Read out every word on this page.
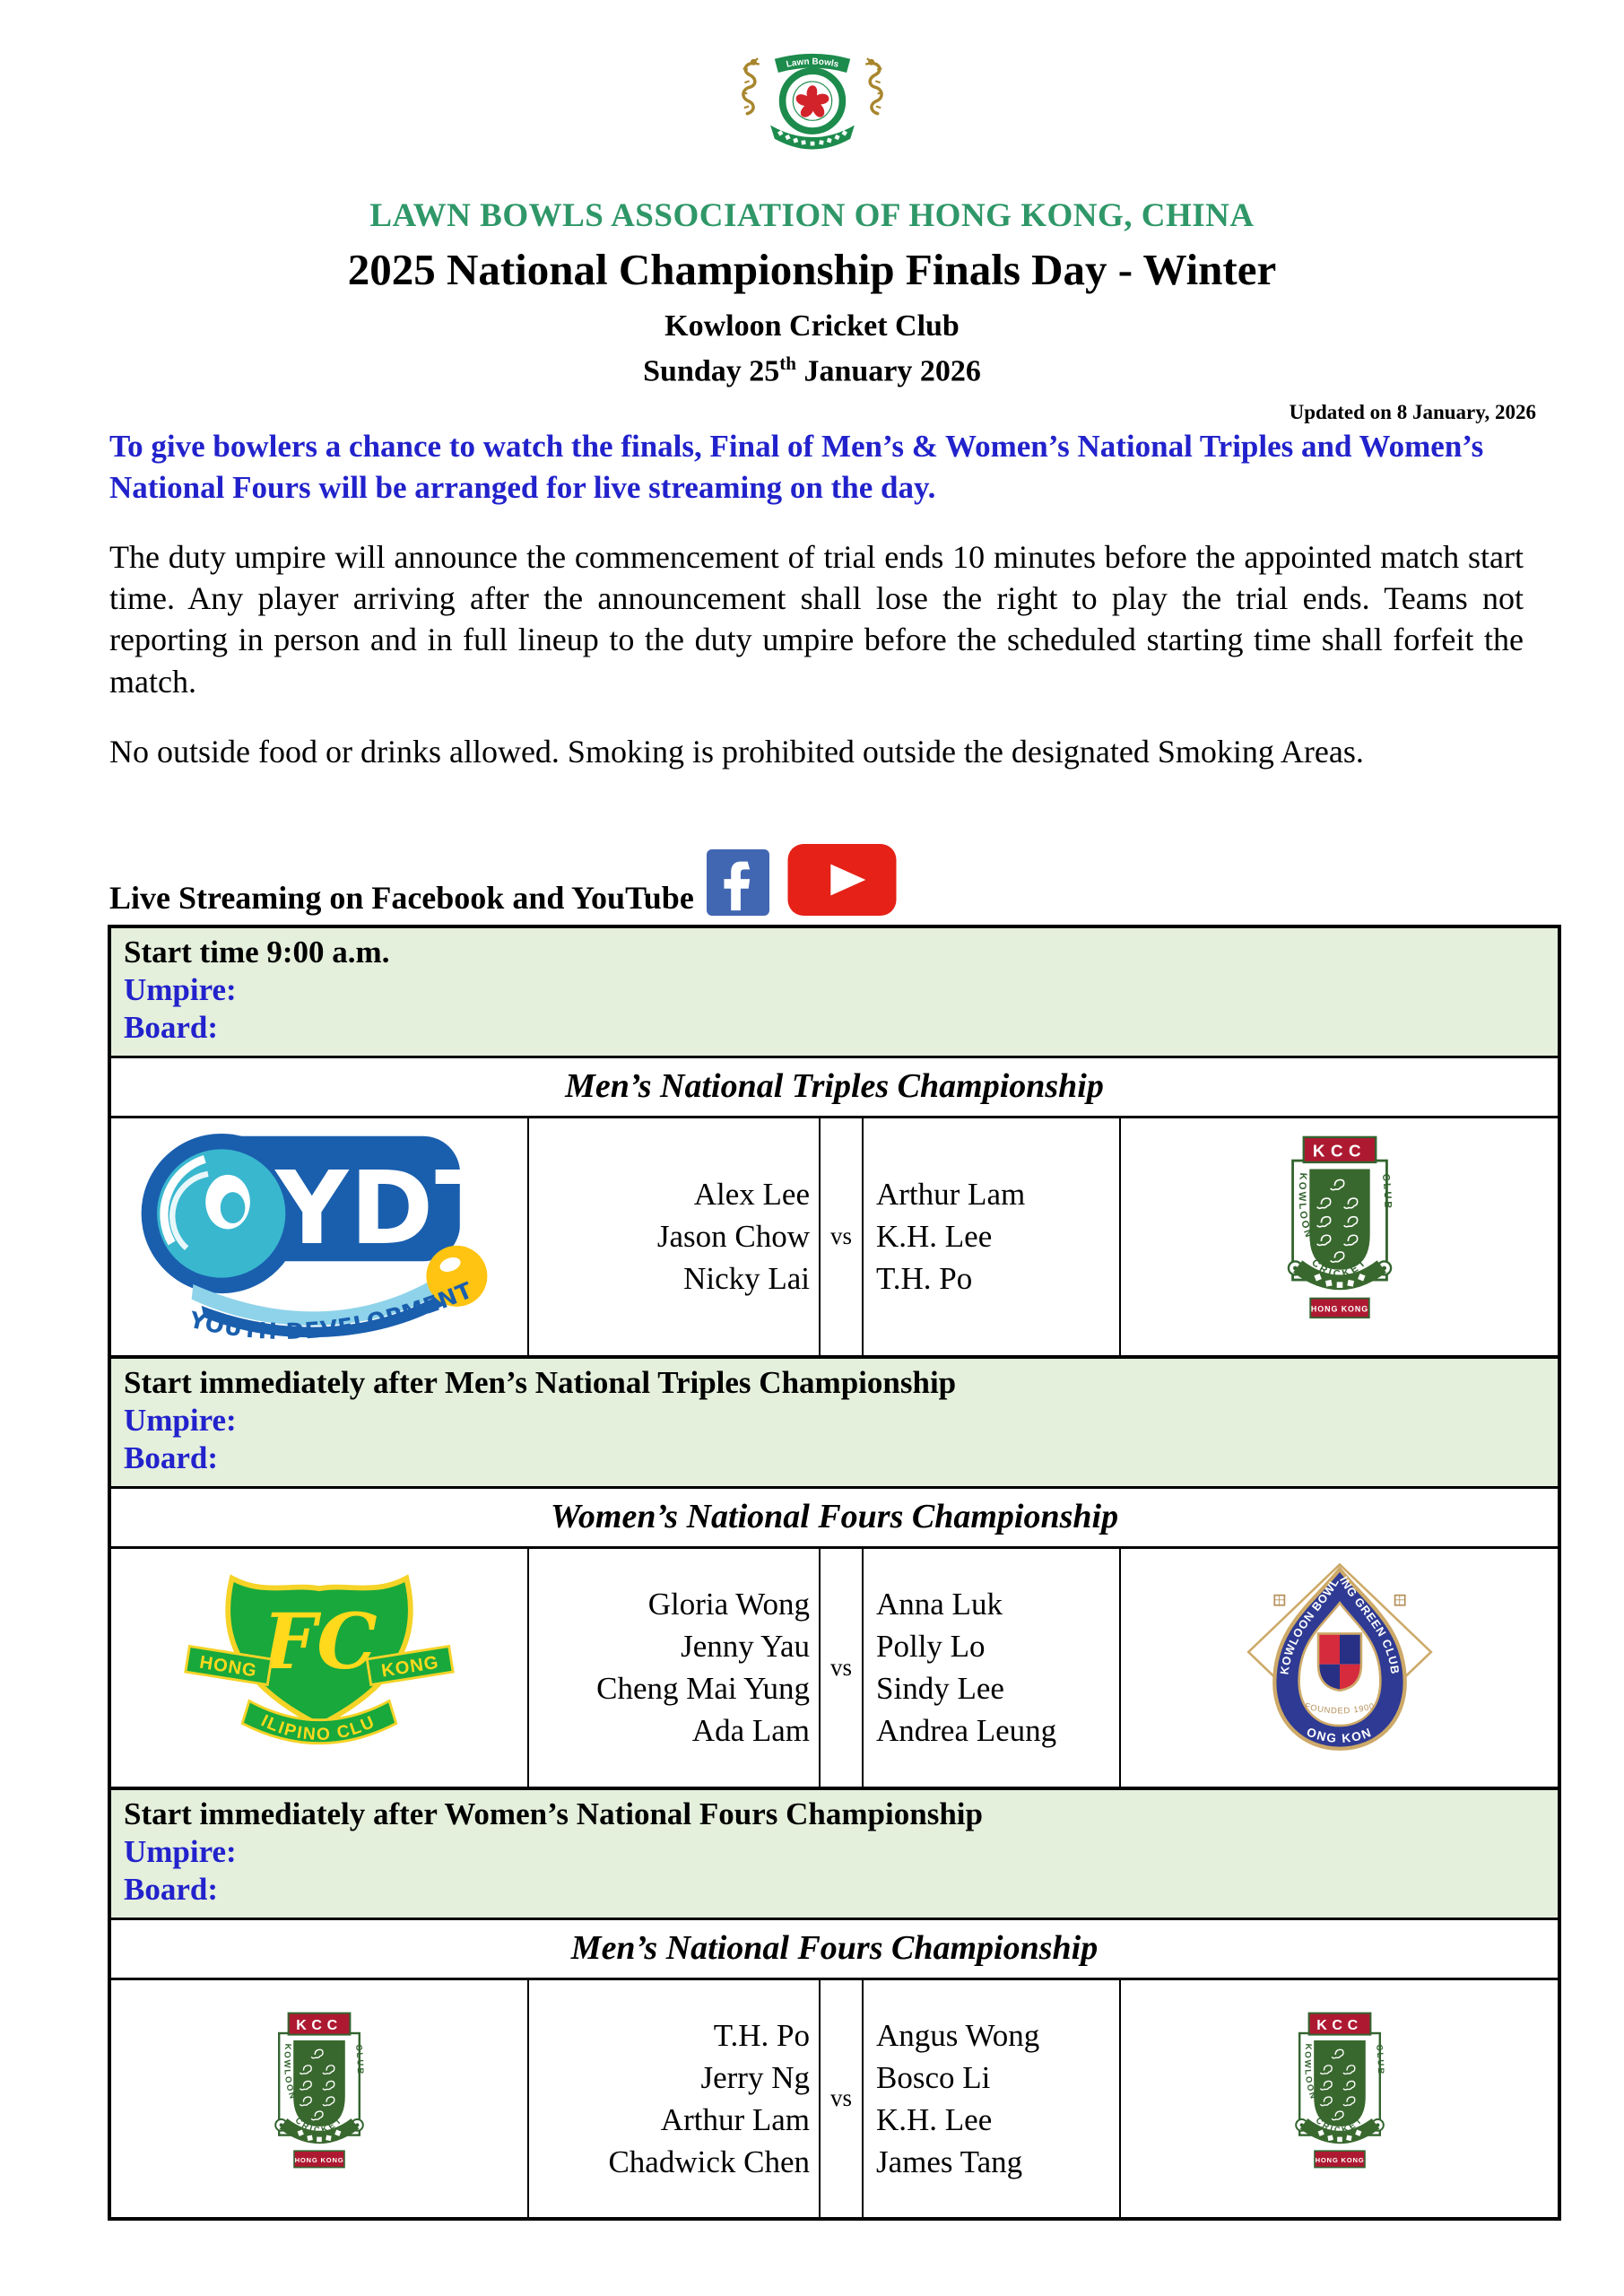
Lawn Bowls
LAWN BOWLS ASSOCIATION OF HONG KONG, CHINA
2025 National Championship Finals Day - Winter
Kowloon Cricket Club
Sunday 25th January 2026
Updated on 8 January, 2026
To give bowlers a chance to watch the finals, Final of Men’s & Women’s National Triples and Women’s National Fours will be arranged for live streaming on the day.

The duty umpire will announce the commencement of trial ends 10 minutes before the appointed match start time. Any player arriving after the announcement shall lose the right to play the trial ends. Teams not reporting in person and in full lineup to the duty umpire before the scheduled starting time shall forfeit the match.

No outside food or drinks allowed. Smoking is prohibited outside the designated Smoking Areas.

Live Streaming on Facebook and YouTube
Start time 9:00 a.m.
Umpire:
Board:				

Men’s National Triples Championship				

Alex Lee
Jason Chow
Nicky Lai
	vs	
Arthur Lam
K.H. Lee
T.H. Po

Start immediately after Men’s National Triples Championship
Umpire:
Board:				

Women’s National Fours Championship				

Gloria Wong
Jenny Yau
Cheng Mai Yung
Ada Lam
	vs	
Anna Luk
Polly Lo
Sindy Lee
Andrea Leung

Start immediately after Women’s National Fours Championship
Umpire:
Board:				

Men’s National Fours Championship				

T.H. Po
Jerry Ng
Arthur Lam
Chadwick Chen
	vs	
Angus Wong
Bosco Li
K.H. Lee
James Tang
